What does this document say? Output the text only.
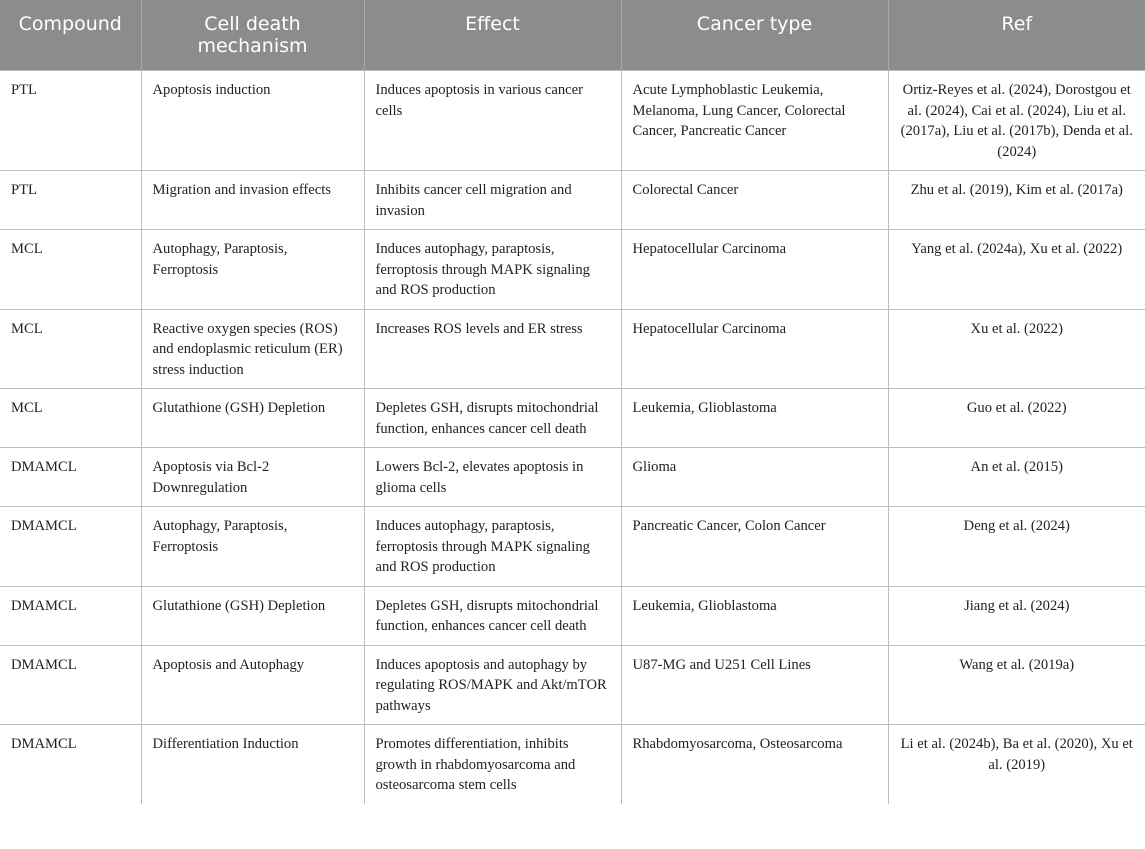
Compound	Cell death mechanism	Effect	Cancer type	Ref
PTL	Apoptosis induction	Induces apoptosis in various cancer cells	Acute Lymphoblastic Leukemia, Melanoma, Lung Cancer, Colorectal Cancer, Pancreatic Cancer	Ortiz-Reyes et al. (2024), Dorostgou et al. (2024), Cai et al. (2024), Liu et al. (2017a), Liu et al. (2017b), Denda et al. (2024)
PTL	Migration and invasion effects	Inhibits cancer cell migration and invasion	Colorectal Cancer	Zhu et al. (2019), Kim et al. (2017a)
MCL	Autophagy, Paraptosis, Ferroptosis	Induces autophagy, paraptosis, ferroptosis through MAPK signaling and ROS production	Hepatocellular Carcinoma	Yang et al. (2024a), Xu et al. (2022)
MCL	Reactive oxygen species (ROS) and endoplasmic reticulum (ER) stress induction	Increases ROS levels and ER stress	Hepatocellular Carcinoma	Xu et al. (2022)
MCL	Glutathione (GSH) Depletion	Depletes GSH, disrupts mitochondrial function, enhances cancer cell death	Leukemia, Glioblastoma	Guo et al. (2022)
DMAMCL	Apoptosis via Bcl-2 Downregulation	Lowers Bcl-2, elevates apoptosis in glioma cells	Glioma	An et al. (2015)
DMAMCL	Autophagy, Paraptosis, Ferroptosis	Induces autophagy, paraptosis, ferroptosis through MAPK signaling and ROS production	Pancreatic Cancer, Colon Cancer	Deng et al. (2024)
DMAMCL	Glutathione (GSH) Depletion	Depletes GSH, disrupts mitochondrial function, enhances cancer cell death	Leukemia, Glioblastoma	Jiang et al. (2024)
DMAMCL	Apoptosis and Autophagy	Induces apoptosis and autophagy by regulating ROS/MAPK and Akt/mTOR pathways	U87-MG and U251 Cell Lines	Wang et al. (2019a)
DMAMCL	Differentiation Induction	Promotes differentiation, inhibits growth in rhabdomyosarcoma and osteosarcoma stem cells	Rhabdomyosarcoma, Osteosarcoma	Li et al. (2024b), Ba et al. (2020), Xu et al. (2019)
